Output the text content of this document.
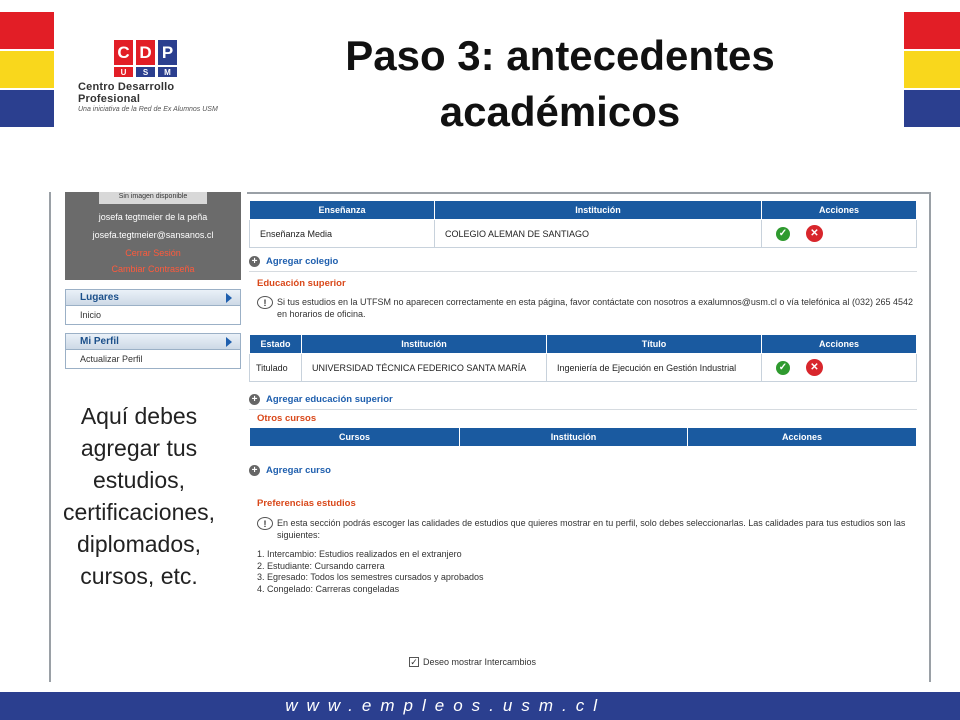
C D P
U	S	M
Centro Desarrollo Profesional
Una iniciativa de la Red de Ex Alumnos USM
Paso 3: antecedentes
académicos
Sin imagen disponible
josefa tegtmeier de la peña
josefa.tegtmeier@sansanos.cl
Cerrar Sesión
Cambiar Contraseña
Lugares
Inicio
Mi Perfil
Actualizar Perfil
Aquí debes
agregar tus
estudios,
certificaciones,
diplomados,
cursos, etc.
Enseñanza	Institución	Acciones
Enseñanza Media	COLEGIO ALEMAN DE SANTIAGO	✓ ✕
+ Agregar colegio
Educación superior
!	Si tus estudios en la UTFSM no aparecen correctamente en esta página, favor contáctate con nosotros a exalumnos@usm.cl o vía telefónica al (032) 265 4542 en horarios de oficina.
Estado	Institución	Título	Acciones
Titulado	UNIVERSIDAD TÉCNICA FEDERICO SANTA MARÍA	Ingeniería de Ejecución en Gestión Industrial	✓ ✕
+ Agregar educación superior
Otros cursos
Cursos	Institución	Acciones
+ Agregar curso
Preferencias estudios
!	En esta sección podrás escoger las calidades de estudios que quieres mostrar en tu perfil, solo debes seleccionarlas. Las calidades para tus estudios son las siguientes:
1. Intercambio: Estudios realizados en el extranjero
2. Estudiante: Cursando carrera
3. Egresado: Todos los semestres cursados y aprobados
4. Congelado: Carreras congeladas
✓ Deseo mostrar Intercambios
www.empleos.usm.cl
